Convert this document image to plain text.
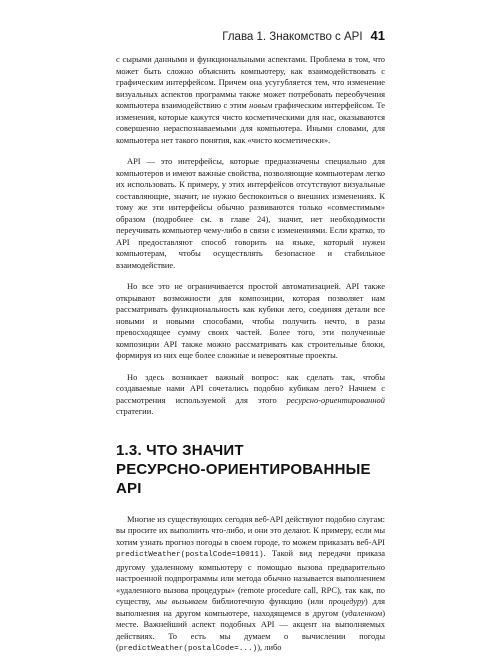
Глава 1. Знакомство с API 41

с сырыми данными и функциональными аспектами. Проблема в том, что может быть сложно объяснить компьютеру, как взаимодействовать с графическим интерфейсом. Причем она усугубляется тем, что изменение визуальных аспектов программы также может потребовать переобучения компьютера взаимодействию с этим новым графическим интерфейсом. Те изменения, которые кажутся чисто косметическими для нас, оказываются совершенно нераспознаваемыми для компьютера. Иными словами, для компьютера нет такого понятия, как «чисто косметически».

API — это интерфейсы, которые предназначены специально для компьютеров и имеют важные свойства, позволяющие компьютерам легко их использовать. К примеру, у этих интерфейсов отсутствуют визуальные составляющие, значит, не нужно беспокоиться о внешних изменениях. К тому же эти интерфейсы обычно развиваются только «совместимым» образом (подробнее см. в главе 24), значит, нет необходимости переучивать компьютер чему-либо в связи с изменениями. Если кратко, то API предоставляют способ говорить на языке, который нужен компьютерам, чтобы осуществлять безопасное и стабильное взаимодействие.

Но все это не ограничивается простой автоматизацией. API также открывают возможности для композиции, которая позволяет нам рассматривать функциональность как кубики лего, соединяя детали все новыми и новыми способами, чтобы получить нечто, в разы превосходящее сумму своих частей. Более того, эти полученные композиции API также можно рассматривать как строительные блоки, формируя из них еще более сложные и невероятные проекты.

Но здесь возникает важный вопрос: как сделать так, чтобы создаваемые нами API сочетались подобно кубикам лего? Начнем с рассмотрения используемой для этого ресурсно-ориентированной стратегии.

1.3. ЧТО ЗНАЧИТ
РЕСУРСНО-ОРИЕНТИРОВАННЫЕ API

Многие из существующих сегодня веб-API действуют подобно слугам: вы просите их выполнить что-либо, и они это делают. К примеру, если мы хотим узнать прогноз погоды в своем городе, то можем приказать веб-API predictWeather(postalCode=10011). Такой вид передачи приказа другому удаленному компьютеру с помощью вызова предварительно настроенной подпрограммы или метода обычно называется выполнением «удаленного вызова процедуры» (remote procedure call, RPC), так как, по существу, мы вызываем библиотечную функцию (или процедуру) для выполнения на другом компьютере, находящемся в другом (удаленном) месте. Важнейший аспект подобных API — акцент на выполняемых действиях. То есть мы думаем о вычислении погоды (predictWeather(postalCode=...)), либо
